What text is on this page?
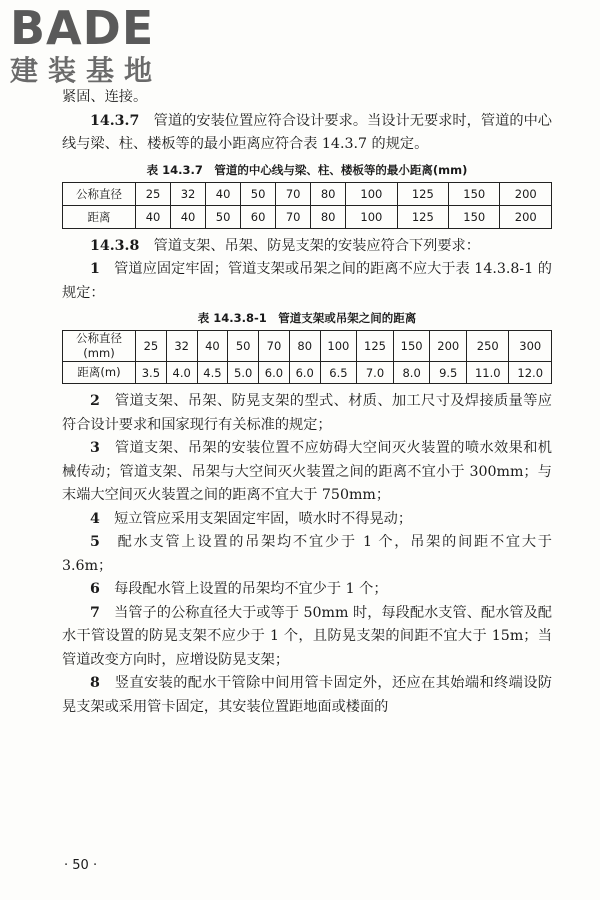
BADE
建装基地

紧固、连接。

14.3.7　 管道的安装位置应符合设计要求。当设计无要求时，管道的中心线与梁、柱、楼板等的最小距离应符合表 14.3.7 的规定。

表 14.3.7　管道的中心线与梁、柱、楼板等的最小距离(mm)
公称直径	25	32	40	50	70	80	100	125	150	200
距离	40	40	50	60	70	80	100	125	150	200

14.3.8　 管道支架、吊架、防晃支架的安装应符合下列要求：

1　 管道应固定牢固；管道支架或吊架之间的距离不应大于表 14.3.8-1 的规定：

表 14.3.8-1　管道支架或吊架之间的距离
公称直径
(mm)	25	32	40	50	70	80	100	125	150	200	250	300
距离(m)	3.5	4.0	4.5	5.0	6.0	6.0	6.5	7.0	8.0	9.5	11.0	12.0

2　 管道支架、吊架、防晃支架的型式、材质、加工尺寸及焊接质量等应符合设计要求和国家现行有关标准的规定；

3　 管道支架、吊架的安装位置不应妨碍大空间灭火装置的喷水效果和机械传动；管道支架、吊架与大空间灭火装置之间的距离不宜小于 300mm；与末端大空间灭火装置之间的距离不宜大于 750mm；

4　 短立管应采用支架固定牢固，喷水时不得晃动；

5　 配水支管上设置的吊架均不宜少于 1 个，吊架的间距不宜大于 3.6m；

6　 每段配水管上设置的吊架均不宜少于 1 个；

7　 当管子的公称直径大于或等于 50mm 时，每段配水支管、配水管及配水干管设置的防晃支架不应少于 1 个，且防晃支架的间距不宜大于 15m；当管道改变方向时，应增设防晃支架；

8　 竖直安装的配水干管除中间用管卡固定外，还应在其始端和终端设防晃支架或采用管卡固定，其安装位置距地面或楼面的

· 50 ·
